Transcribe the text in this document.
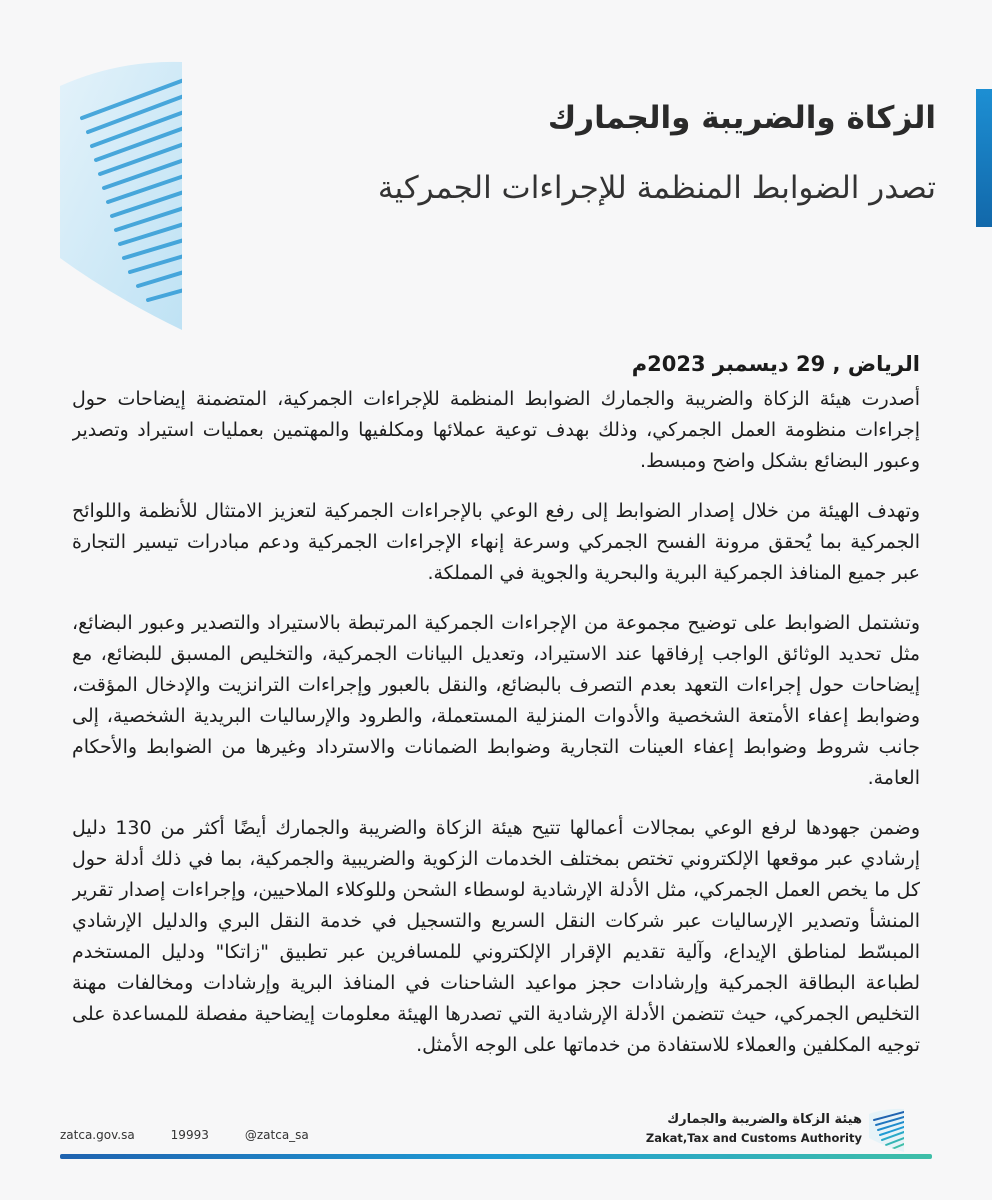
الزكاة والضريبة والجمارك
تصدر الضوابط المنظمة للإجراءات الجمركية
الرياض , 29 ديسمبر 2023م

أصدرت هيئة الزكاة والضريبة والجمارك الضوابط المنظمة للإجراءات الجمركية، المتضمنة إيضاحات حول إجراءات منظومة العمل الجمركي، وذلك بهدف توعية عملائها ومكلفيها والمهتمين بعمليات استيراد وتصدير وعبور البضائع بشكل واضح ومبسط.

وتهدف الهيئة من خلال إصدار الضوابط إلى رفع الوعي بالإجراءات الجمركية لتعزيز الامتثال للأنظمة واللوائح الجمركية بما يُحقق مرونة الفسح الجمركي وسرعة إنهاء الإجراءات الجمركية ودعم مبادرات تيسير التجارة عبر جميع المنافذ الجمركية البرية والبحرية والجوية في المملكة.

وتشتمل الضوابط على توضيح مجموعة من الإجراءات الجمركية المرتبطة بالاستيراد والتصدير وعبور البضائع، مثل تحديد الوثائق الواجب إرفاقها عند الاستيراد، وتعديل البيانات الجمركية، والتخليص المسبق للبضائع، مع إيضاحات حول إجراءات التعهد بعدم التصرف بالبضائع، والنقل بالعبور وإجراءات الترانزيت والإدخال المؤقت، وضوابط إعفاء الأمتعة الشخصية والأدوات المنزلية المستعملة، والطرود والإرساليات البريدية الشخصية، إلى جانب شروط وضوابط إعفاء العينات التجارية وضوابط الضمانات والاسترداد وغيرها من الضوابط والأحكام العامة.

وضمن جهودها لرفع الوعي بمجالات أعمالها تتيح هيئة الزكاة والضريبة والجمارك أيضًا أكثر من 130 دليل إرشادي عبر موقعها الإلكتروني تختص بمختلف الخدمات الزكوية والضريبية والجمركية، بما في ذلك أدلة حول كل ما يخص العمل الجمركي، مثل الأدلة الإرشادية لوسطاء الشحن وللوكلاء الملاحيين، وإجراءات إصدار تقرير المنشأ وتصدير الإرساليات عبر شركات النقل السريع والتسجيل في خدمة النقل البري والدليل الإرشادي المبسّط لمناطق الإيداع، وآلية تقديم الإقرار الإلكتروني للمسافرين عبر تطبيق "زاتكا" ودليل المستخدم لطباعة البطاقة الجمركية وإرشادات حجز مواعيد الشاحنات في المنافذ البرية وإرشادات ومخالفات مهنة التخليص الجمركي، حيث تتضمن الأدلة الإرشادية التي تصدرها الهيئة معلومات إيضاحية مفصلة للمساعدة على توجيه المكلفين والعملاء للاستفادة من خدماتها على الوجه الأمثل.

zatca.gov.sa	19993	@zatca_sa
هيئة الزكاة والضريبة والجمارك
Zakat,Tax and Customs Authority
